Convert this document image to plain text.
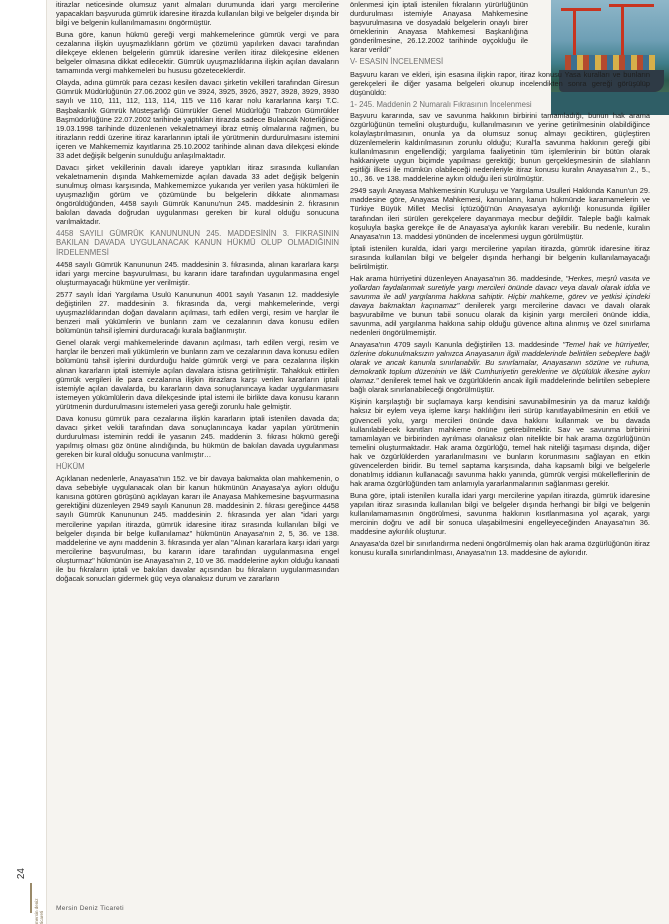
24
mersin deniz ticareti
Mersin Deniz Ticareti

itirazlar neticesinde olumsuz yanıt almaları durumunda idari yargı mercilerine yapacakları başvuruda gümrük idaresine itirazda kullanılan bilgi ve belgeler dışında bir bilgi ve belgenin kullanılmamasını öngörmüştür.

Buna göre, kanun hükmü gereği vergi mahkemelerince gümrük vergi ve para cezalarına ilişkin uyuşmazlıkların görüm ve çözümü yapılırken davacı tarafından dilekçeye eklenen belgelerin gümrük idaresine verilen itiraz dilekçesine eklenen belgeler olmasına dikkat edilecektir. Gümrük uyuşmazlıklarına ilişkin açılan davaların tamamında vergi mahkemeleri bu hususu gözeteceklerdir.

Olayda, adına gümrük para cezası kesilen davacı şirketin vekilleri tarafından Giresun Gümrük Müdürlüğünün 27.06.2002 gün ve 3924, 3925, 3926, 3927, 3928, 3929, 3930 sayılı ve 110, 111, 112, 113, 114, 115 ve 116 karar nolu kararlarına karşı T.C. Başbakanlık Gümrük Müsteşarlığı Gümrükler Genel Müdürlüğü Trabzon Gümrükler Başmüdürlüğüne 22.07.2002 tarihinde yaptıkları itirazda sadece Bulancak Noterliğince 19.03.1998 tarihinde düzenlenen vekaletnameyi ibraz etmiş olmalarına rağmen, bu itirazların reddi üzerine itiraz kararlarının iptali ile yürütmenin durdurulmasını istemini içeren ve Mahkememiz kayıtlarına 25.10.2002 tarihinde alınan dava dilekçesi ekinde 33 adet değişik belgenin sunulduğu anlaşılmaktadır.

Davacı şirket vekillerinin davalı idareye yaptıkları itiraz sırasında kullanılan vekaletnamenin dışında Mahkememizde açılan davada 33 adet değişik belgenin sunulmuş olması karşısında, Mahkememizce yukarıda yer verilen yasa hükümleri ile uyuşmazlığın görüm ve çözümünde bu belgelerin dikkate alınmaması öngörüldüğünden, 4458 sayılı Gümrük Kanunu'nun 245. maddesinin 2. fıkrasının bakılan davada doğrudan uygulanması gereken bir kural olduğu sonucuna varılmaktadır.

4458 SAYILI GÜMRÜK KANUNUNUN 245. MADDESİNİN 3. FIKRASININ BAKILAN DAVADA UYGULANACAK KANUN HÜKMÜ OLUP OLMADIĞININ İRDELENMESİ

4458 sayılı Gümrük Kanununun 245. maddesinin 3. fıkrasında, alınan kararlara karşı idari yargı mercine başvurulması, bu kararın idare tarafından uygulanmasına engel oluşturmayacağı hükmüne yer verilmiştir.

2577 sayılı İdari Yargılama Usulü Kanununun 4001 sayılı Yasanın 12. maddesiyle değiştirilen 27. maddesinin 3. fıkrasında da, vergi mahkemelerinde, vergi uyuşmazlıklarından doğan davaların açılması, tarh edilen vergi, resim ve harçlar ile benzeri mali yükümlerin ve bunların zam ve cezalarının dava konusu edilen bölümünün tahsil işlemini durduracağı kurala bağlanmıştır.

Genel olarak vergi mahkemelerinde davanın açılması, tarh edilen vergi, resim ve harçlar ile benzeri mali yükümlerin ve bunların zam ve cezalarının dava konusu edilen bölümünü tahsil işlerini durdurduğu halde gümrük vergi ve para cezalarına ilişkin alınan kararların iptali istemiyle açılan davalara istisna getirilmiştir. Tahakkuk ettirilen gümrük vergileri ile para cezalarına ilişkin itirazlara karşı verilen kararların iptali istemiyle açılan davalarda, bu kararların dava sonuçlanıncaya kadar uygulanmasını istemeyen yükümlülerin dava dilekçesinde iptal istemi ile birlikte dava konusu kararın yürütmenin durdurulmasını istemeleri yasa gereği zorunlu hale gelmiştir.

Dava konusu gümrük para cezalarına ilişkin kararların iptali istenilen davada da; davacı şirket vekili tarafından dava sonuçlanıncaya kadar yapılan yürütmenin durdurulması isteminin reddi ile yasanın 245. maddenin 3. fıkrası hükmü gereği yapılmış olması göz önüne alındığında, bu hükmün de bakılan davada uygulanması gereken bir kural olduğu sonucuna varılmıştır…

HÜKÜM

Açıklanan nedenlerle, Anayasa'nın 152. ve bir davaya bakmakta olan mahkemenin, o dava sebebiyle uygulanacak olan bir kanun hükmünün Anayasa'ya aykırı olduğu kanısına götüren görüşünü açıklayan kararı ile Anayasa Mahkemesine başvurmasına gerektiğini düzenleyen 2949 sayılı Kanunun 28. maddesinin 2. fıkrası gereğince 4458 sayılı Gümrük Kanununun 245. maddesinin 2. fıkrasında yer alan "idari yargı mercilerine yapılan itirazda, gümrük idaresine itiraz sırasında kullanılan bilgi ve belgeler dışında bir belge kullanılamaz" hükmünün Anayasa'nın 2, 5, 36. ve 138. maddelerine ve aynı maddenin 3. fıkrasında yer alan "Alınan kararlara karşı idari yargı mercilerine başvurulması, bu kararın idare tarafından uygulanmasına engel oluşturmaz" hükmünün ise Anayasa'nın 2, 10 ve 36. maddelerine aykırı olduğu kanaati ile bu fıkraların iptali ve bakılan davalar açısından bu fıkraların uygulanmasından doğacak sonucları gidermek güç veya olanaksız durum ve zararların

önlenmesi için iptali istenilen fıkraların yürürlüğünün durdurulması istemiyle Anayasa Mahkemesine başvurulmasına ve dosyadaki belgelerin onaylı birer örneklerinin Anayasa Mahkemesi Başkanlığına gönderilmesine, 26.12.2002 tarihinde oyçokluğu ile karar verildi"

V- ESASIN İNCELENMESİ

Başvuru kararı ve ekleri, işin esasına ilişkin rapor, itiraz konusu Yasa kuralları ve bunların gerekçeleri ile diğer yasama belgeleri okunup incelendikten sonra gereği görüşülüp düşünüldü:

1- 245. Maddenin 2 Numaralı Fıkrasının İncelenmesi

Başvuru kararında, sav ve savunma hakkının birbirini tamamladığı, bunun hak arama özgürlüğünün temelini oluşturduğu, kullanılmasının ve yerine getirilmesinin olabildiğince kolaylaştırılmasının, onunla ya da olumsuz sonuç almayı geciktiren, güçleştiren düzenlemelerin kaldırılmasının zorunlu olduğu; Kural'la savunma hakkının gereği gibi kullanılmasının engellendiği; yargılama faaliyetinin tüm işlemlerinin bir bütün olarak hakkaniyete uygun biçimde yapılması gerektiği; bunun gerçekleşmesinin de silahların eşitliği ilkesi ile mümkün olabileceği nedenleriyle itiraz konusu kuralın Anayasa'nın 2., 5., 10., 36. ve 138. maddelerine aykırı olduğu ileri sürülmüştür.

2949 sayılı Anayasa Mahkemesinin Kuruluşu ve Yargılama Usulleri Hakkında Kanun'un 29. maddesine göre, Anayasa Mahkemesi, kanunların, kanun hükmünde kararnamelerin ve Türkiye Büyük Millet Meclisi İçtüzüğü'nün Anayasa'ya aykırılığı konusunda ilgililer tarafından ileri sürülen gerekçelere dayanmaya mecbur değildir. Taleple bağlı kalmak koşuluyla başka gerekçe ile de Anayasa'ya aykırılık kararı verebilir. Bu nedenle, kuralın Anayasa'nın 13. maddesi yönünden de incelenmesi uygun görülmüştür.

İptali istenilen kuralda, idari yargı mercilerine yapılan itirazda, gümrük idaresine itiraz sırasında kullanılan bilgi ve belgeler dışında herhangi bir belgenin kullanılamayacağı belirtilmiştir.

Hak arama hürriyetini düzenleyen Anayasa'nın 36. maddesinde, "Herkes, meşrû vasıta ve yollardan faydalanmak suretiyle yargı mercileri önünde davacı veya davalı olarak iddia ve savunma ile adil yargılanma hakkına sahiptir. Hiçbir mahkeme, görev ve yetkisi içindeki davaya bakmaktan kaçınamaz" denilerek yargı mercilerine davacı ve davalı olarak başvurabilme ve bunun tabii sonucu olarak da kişinin yargı mercileri önünde iddia, savunma, adil yargılanma hakkına sahip olduğu güvence altına alınmış ve özel sınırlama nedenleri öngörülmemiştir.

Anayasa'nın 4709 sayılı Kanunla değiştirilen 13. maddesinde "Temel hak ve hürriyetler, özlerine dokunulmaksızın yalnızca Anayasanın ilgili maddelerinde belirtilen sebeplere bağlı olarak ve ancak kanunla sınırlanabilir. Bu sınırlamalar, Anayasanın sözüne ve ruhuna, demokratik toplum düzeninin ve lâik Cumhuriyetin gereklerine ve ölçülülük ilkesine aykırı olamaz." denilerek temel hak ve özgürlüklerin ancak ilgili maddelerinde belirtilen sebeplere bağlı olarak sınırlanabileceği öngörülmüştür.

Kişinin karşılaştığı bir suçlamaya karşı kendisini savunabilmesinin ya da maruz kaldığı haksız bir eylem veya işleme karşı haklılığını ileri sürüp kanıtlayabilmesinin en etkili ve güvenceli yolu, yargı mercileri önünde dava hakkını kullanmak ve bu davada kullanılabilecek kanıtları mahkeme önüne getirebilmektir. Sav ve savunma birbirini tamamlayan ve birbirinden ayrılması olanaksız olan nitelikte bir hak arama özgürlüğünün temelini oluşturmaktadır. Hak arama özgürlüğü, temel hak niteliği taşıması dışında, diğer hak ve özgürlüklerden yararlanılmasını ve bunların korunmasını sağlayan en etkin güvencelerden biridir. Bu temel saptama karşısında, daha kapsamlı bilgi ve belgelerle donatılmış iddianın kullanacağı savunma hakkı yanında, gümrük vergisi mükelleflerinin de hak arama özgürlüğünden tam anlamıyla yararlanmalarının sağlanması gerekir.

Buna göre, iptali istenilen kuralla idari yargı mercilerine yapılan itirazda, gümrük idaresine yapılan itiraz sırasında kullanılan bilgi ve belgeler dışında herhangi bir bilgi ve belgenin kullanılamamasının öngörülmesi, savunma hakkının kısıtlanmasına yol açarak, yargı mercinin doğru ve adil bir sonuca ulaşabilmesini engelleyeceğinden Anayasa'nın 36. maddesine aykırılık oluşturur.

Anayasa'da özel bir sınırlandırma nedeni öngörülmemiş olan hak arama özgürlüğünün itiraz konusu kuralla sınırlandırılması, Anayasa'nın 13. maddesine de aykırıdır.
